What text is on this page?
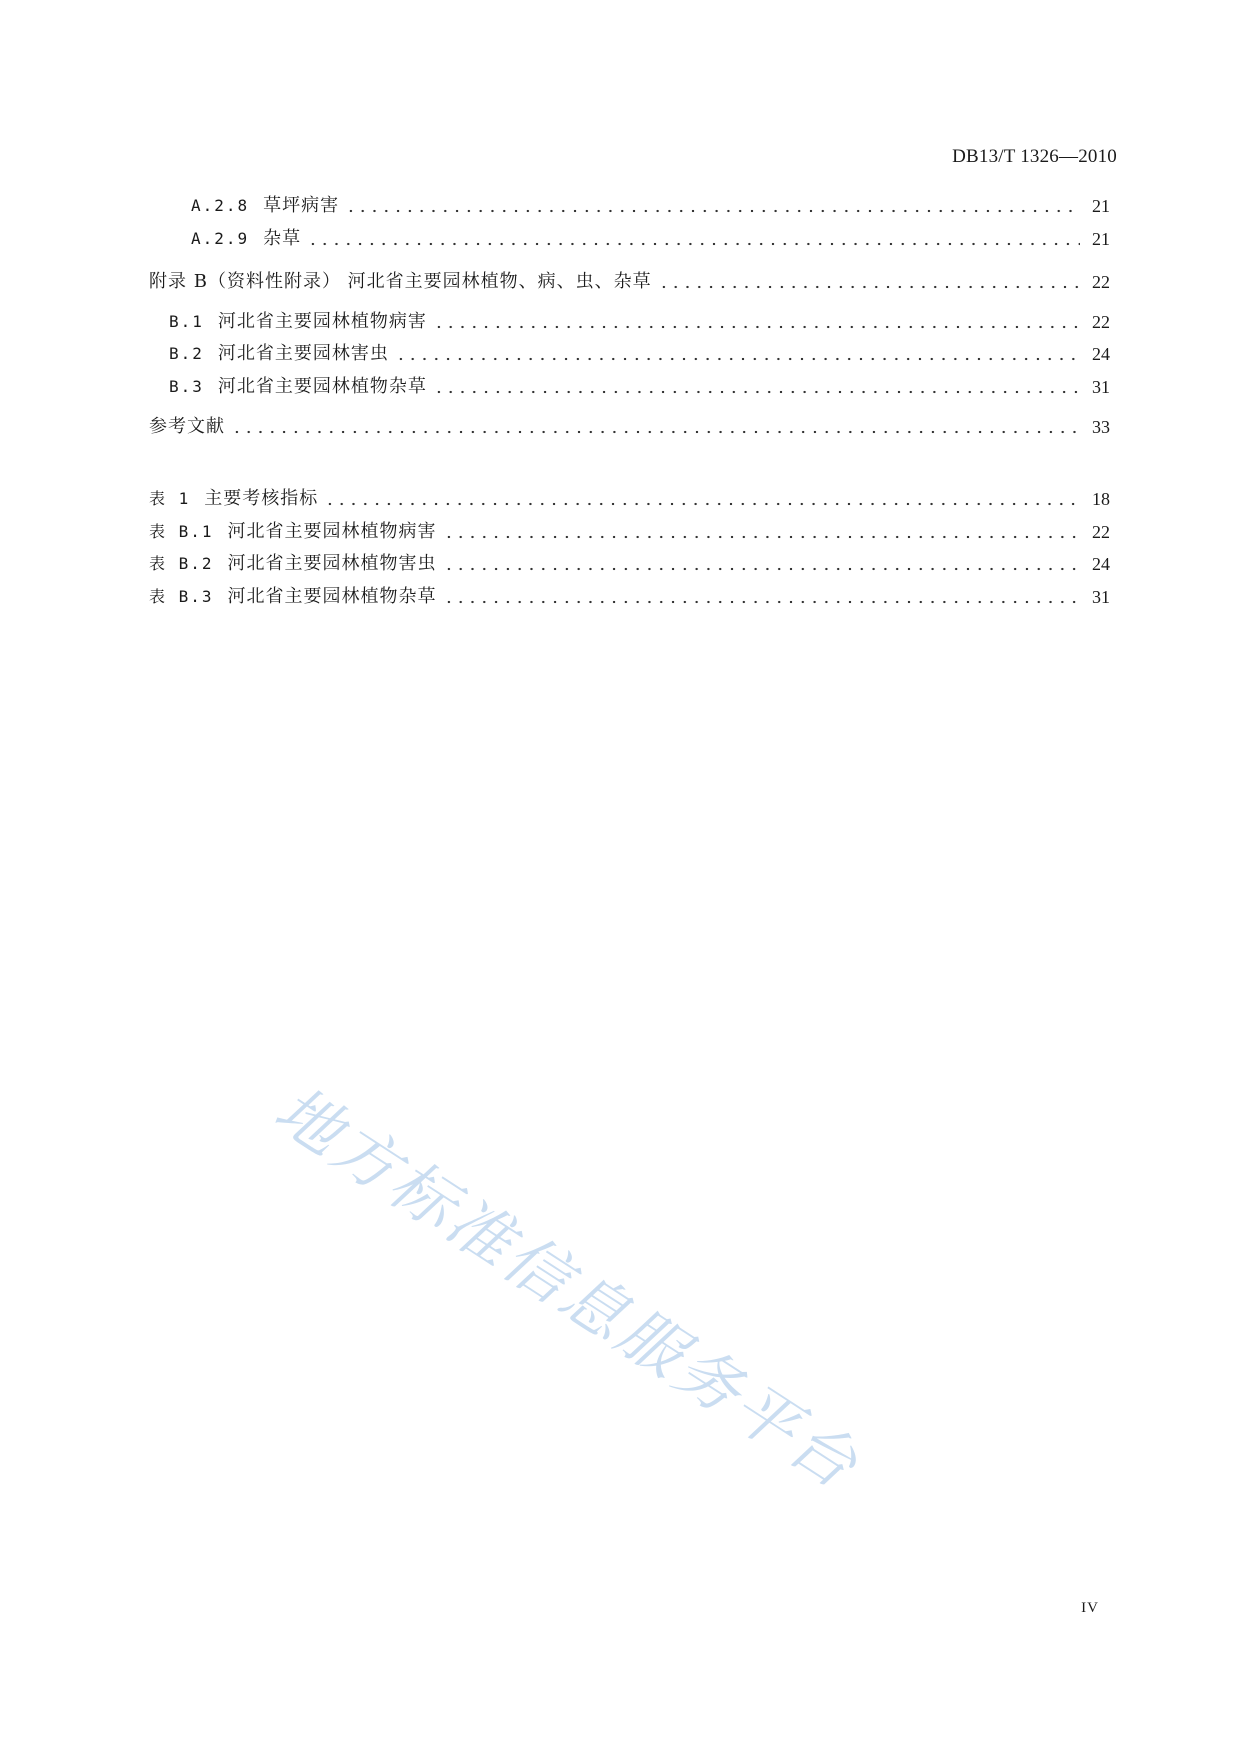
DB13/T 1326—2010
A.2.8 草坪病害	21
A.2.9 杂草	21
附录 B（资料性附录） 河北省主要园林植物、病、虫、杂草	22
B.1 河北省主要园林植物病害	22
B.2 河北省主要园林害虫	24
B.3 河北省主要园林植物杂草	31
参考文献	33
表 1 主要考核指标	18
表 B.1 河北省主要园林植物病害	22
表 B.2 河北省主要园林植物害虫	24
表 B.3 河北省主要园林植物杂草	31
地方标准信息服务平台
IV
